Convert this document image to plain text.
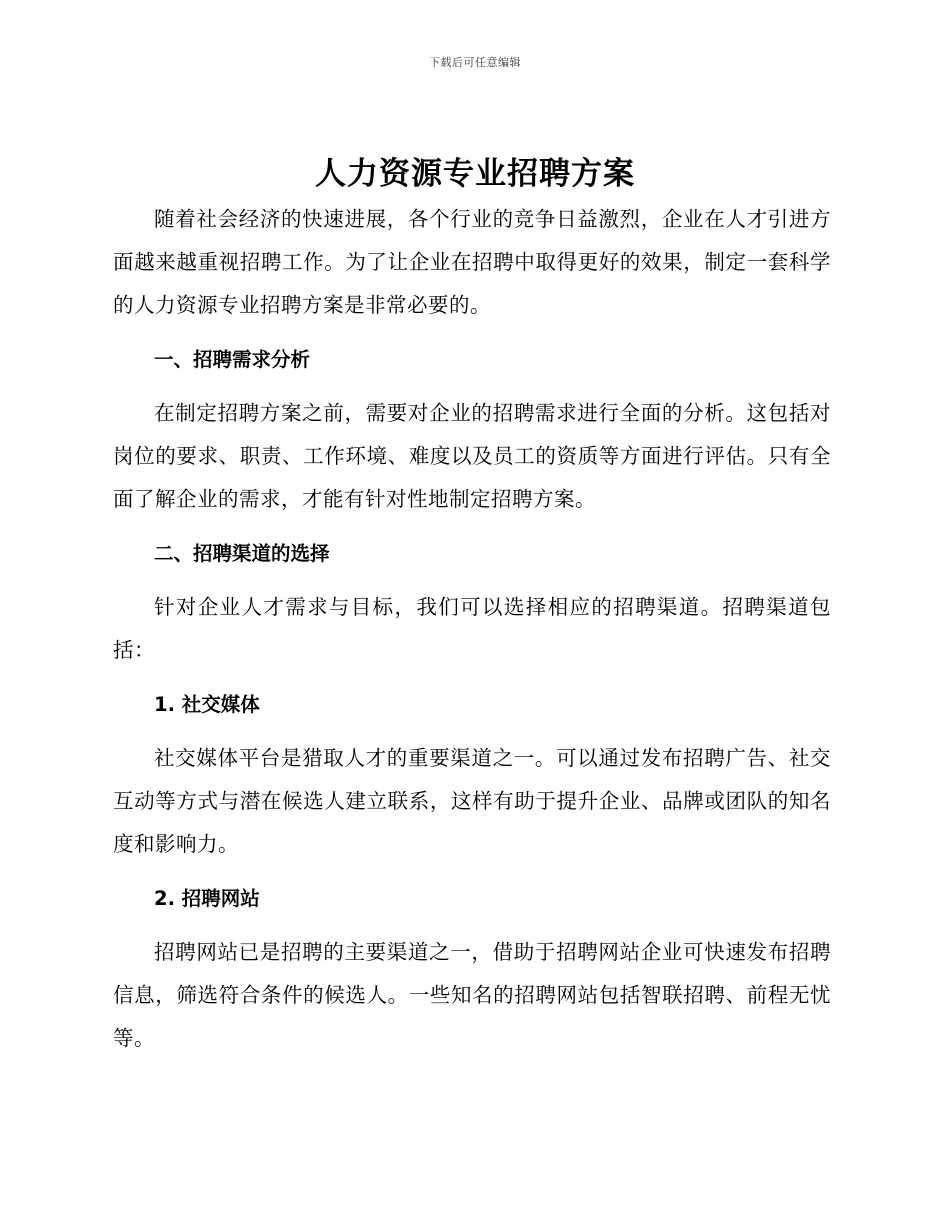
下载后可任意编辑
人力资源专业招聘方案

随着社会经济的快速进展，各个行业的竞争日益激烈，企业在人才引进方面越来越重视招聘工作。为了让企业在招聘中取得更好的效果，制定一套科学的人力资源专业招聘方案是非常必要的。

一、招聘需求分析

在制定招聘方案之前，需要对企业的招聘需求进行全面的分析。这包括对岗位的要求、职责、工作环境、难度以及员工的资质等方面进行评估。只有全面了解企业的需求，才能有针对性地制定招聘方案。

二、招聘渠道的选择

针对企业人才需求与目标，我们可以选择相应的招聘渠道。招聘渠道包括：

1. 社交媒体

社交媒体平台是猎取人才的重要渠道之一。可以通过发布招聘广告、社交互动等方式与潜在候选人建立联系，这样有助于提升企业、品牌或团队的知名度和影响力。

2. 招聘网站

招聘网站已是招聘的主要渠道之一，借助于招聘网站企业可快速发布招聘信息，筛选符合条件的候选人。一些知名的招聘网站包括智联招聘、前程无忧等。
